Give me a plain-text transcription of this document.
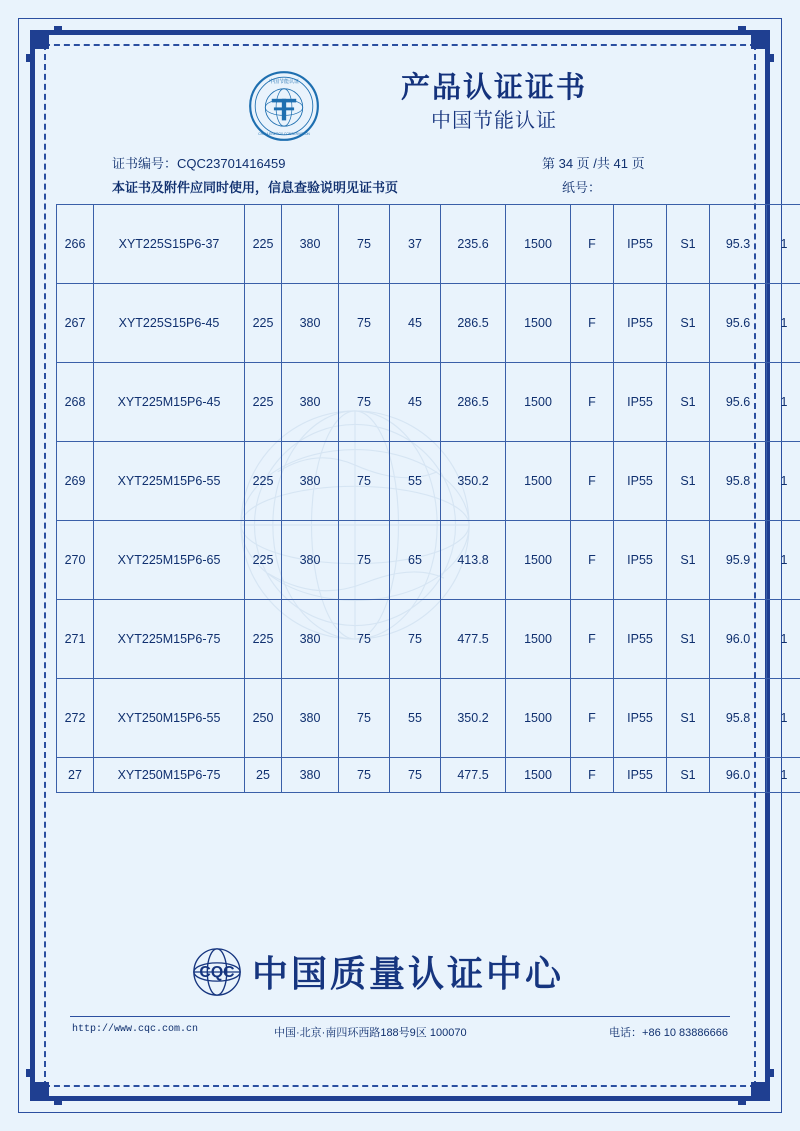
中国节能认证
CHINA ENERGY CONSERVATION
产品认证证书
中国节能认证
证书编号：CQC23701416459	第 34 页 /共 41 页
本证书及附件应同时使用，信息查验说明见证书页	纸号：
266	XYT225S15P6-37	225	380	75	37	235.6	1500	F	IP55	S1	95.3	1
267	XYT225S15P6-45	225	380	75	45	286.5	1500	F	IP55	S1	95.6	1
268	XYT225M15P6-45	225	380	75	45	286.5	1500	F	IP55	S1	95.6	1
269	XYT225M15P6-55	225	380	75	55	350.2	1500	F	IP55	S1	95.8	1
270	XYT225M15P6-65	225	380	75	65	413.8	1500	F	IP55	S1	95.9	1
271	XYT225M15P6-75	225	380	75	75	477.5	1500	F	IP55	S1	96.0	1
272	XYT250M15P6-55	250	380	75	55	350.2	1500	F	IP55	S1	95.8	1
27	XYT250M15P6-75	25	380	75	75	477.5	1500	F	IP55	S1	96.0	1
CQC 中国质量认证中心
http://www.cqc.com.cn	中国·北京·南四环西路188号9区 100070	电话：+86 10 83886666
